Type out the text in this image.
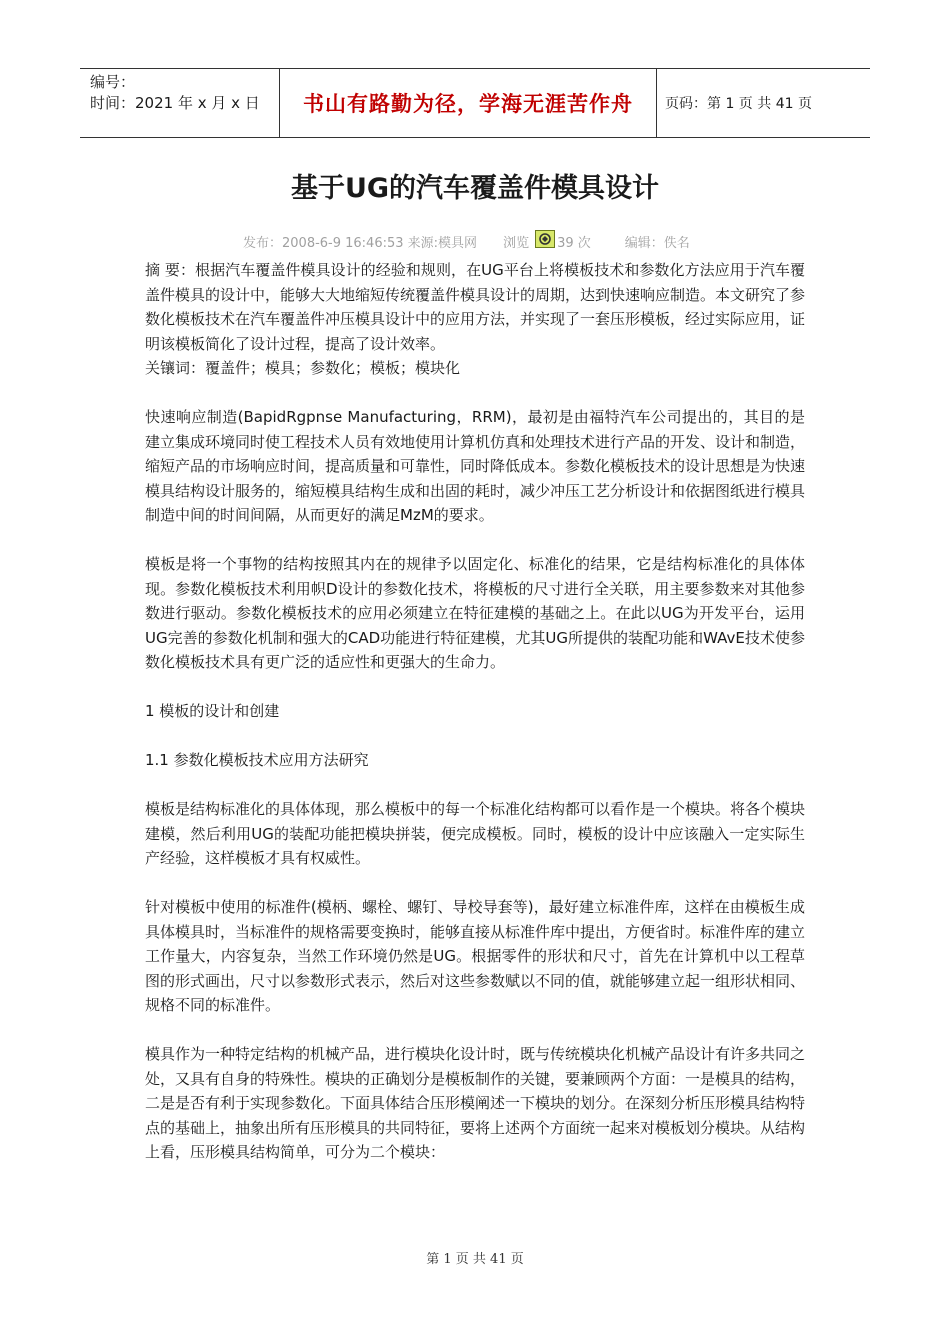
编号：
时间：2021 年 x 月 x 日	书山有路勤为径，学海无涯苦作舟 页码：第 1 页 共 41 页
基于UG的汽车覆盖件模具设计
发布：2008-6-9 16:46:53
来源:模具网 浏览 39 次	编辑：佚名

摘 要：根据汽车覆盖件模具设计的经验和规则，在UG平台上将模板技术和参数化方法应用于汽车覆盖件模具的设计中，能够大大地缩短传统覆盖件模具设计的周期，达到快速响应制造。本文研究了参数化模板技术在汽车覆盖件冲压模具设计中的应用方法，并实现了一套压形模板，经过实际应用，证明该模板简化了设计过程，提高了设计效率。

关镶词：覆盖件；模具；参数化；模板；模块化

快速响应制造(BapidRgpnse Manufacturing，RRM)，最初是由福特汽车公司提出的，其目的是建立集成环境同时使工程技术人员有效地使用计算机仿真和处理技术进行产品的开发、设计和制造，缩短产品的市场响应时间，提高质量和可靠性，同时降低成本。参数化模板技术的设计思想是为快速模具结构设计服务的，缩短模具结构生成和出固的耗时，减少冲压工艺分析设计和依据图纸进行模具制造中间的时间间隔，从而更好的满足MzM的要求。

模板是将一个事物的结构按照其内在的规律予以固定化、标准化的结果，它是结构标准化的具体体现。参数化模板技术利用帜D设计的参数化技术，将模板的尺寸进行全关联，用主要参数来对其他参数进行驱动。参数化模板技术的应用必须建立在特征建模的基础之上。在此以UG为开发平台，运用UG完善的参数化机制和强大的CAD功能进行特征建模，尤其UG所提供的装配功能和WAvE技术使参数化模板技术具有更广泛的适应性和更强大的生命力。

1 模板的设计和创建

1.1 参数化模板技术应用方法研究

模板是结构标准化的具体体现，那么模板中的每一个标准化结构都可以看作是一个模块。将各个模块建模，然后利用UG的装配功能把模块拼装，便完成模板。同时，模板的设计中应该融入一定实际生产经验，这样模板才具有权威性。

针对模板中使用的标准件(模柄、螺栓、螺钉、导校导套等)，最好建立标准件库，这样在由模板生成具体模具时，当标准件的规格需要变换时，能够直接从标准件库中提出，方便省时。标准件库的建立工作量大，内容复杂，当然工作环境仍然是UG。根据零件的形状和尺寸，首先在计算机中以工程草图的形式画出，尺寸以参数形式表示，然后对这些参数赋以不同的值，就能够建立起一组形状相同、规格不同的标准件。

模具作为一种特定结构的机械产品，进行模块化设计时，既与传统模块化机械产品设计有许多共同之处，又具有自身的特殊性。模块的正确划分是模板制作的关键，要兼顾两个方面：一是模具的结构，二是是否有利于实现参数化。下面具体结合压形模阐述一下模块的划分。在深刻分析压形模具结构特点的基础上，抽象出所有压形模具的共同特征，要将上述两个方面统一起来对模板划分模块。从结构上看，压形模具结构简单，可分为二个模块：

第 1 页 共 41 页
